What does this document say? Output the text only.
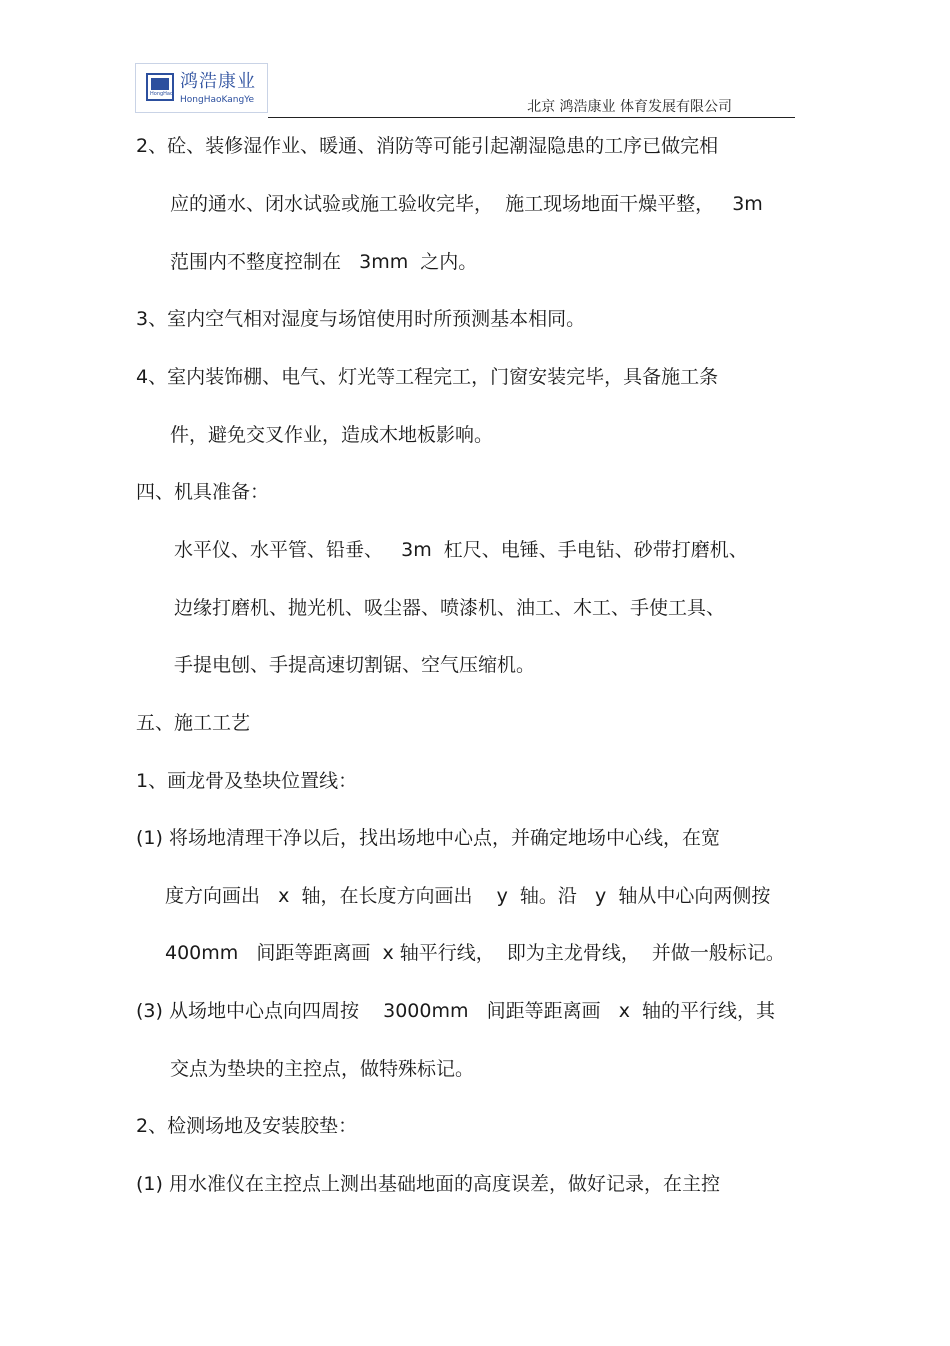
HongHao
鸿浩康业
HongHaoKangYe	北京 鸿浩康业 体育发展有限公司
2、砼、装修湿作业、暖通、消防等可能引起潮湿隐患的工序已做完相
应的通水、闭水试验或施工验收完毕，  施工现场地面干燥平整，   3m
范围内不整度控制在   3mm  之内。
3、室内空气相对湿度与场馆使用时所预测基本相同。
4、室内装饰棚、电气、灯光等工程完工，门窗安装完毕，具备施工条
件，避免交叉作业，造成木地板影响。
四、机具准备：
水平仪、水平管、铅垂、   3m  杠尺、电锤、手电钻、砂带打磨机、
边缘打磨机、抛光机、吸尘器、喷漆机、油工、木工、手使工具、
手提电刨、手提高速切割锯、空气压缩机。
五、施工工艺
1、画龙骨及垫块位置线：
(1) 将场地清理干净以后，找出场地中心点，并确定地场中心线，在宽
度方向画出   x  轴，在长度方向画出    y  轴。沿   y  轴从中心向两侧按
400mm   间距等距离画  x 轴平行线，  即为主龙骨线，  并做一般标记。
(3) 从场地中心点向四周按    3000mm   间距等距离画   x  轴的平行线，其
交点为垫块的主控点，做特殊标记。
2、检测场地及安装胶垫：
(1) 用水准仪在主控点上测出基础地面的高度误差，做好记录，在主控
